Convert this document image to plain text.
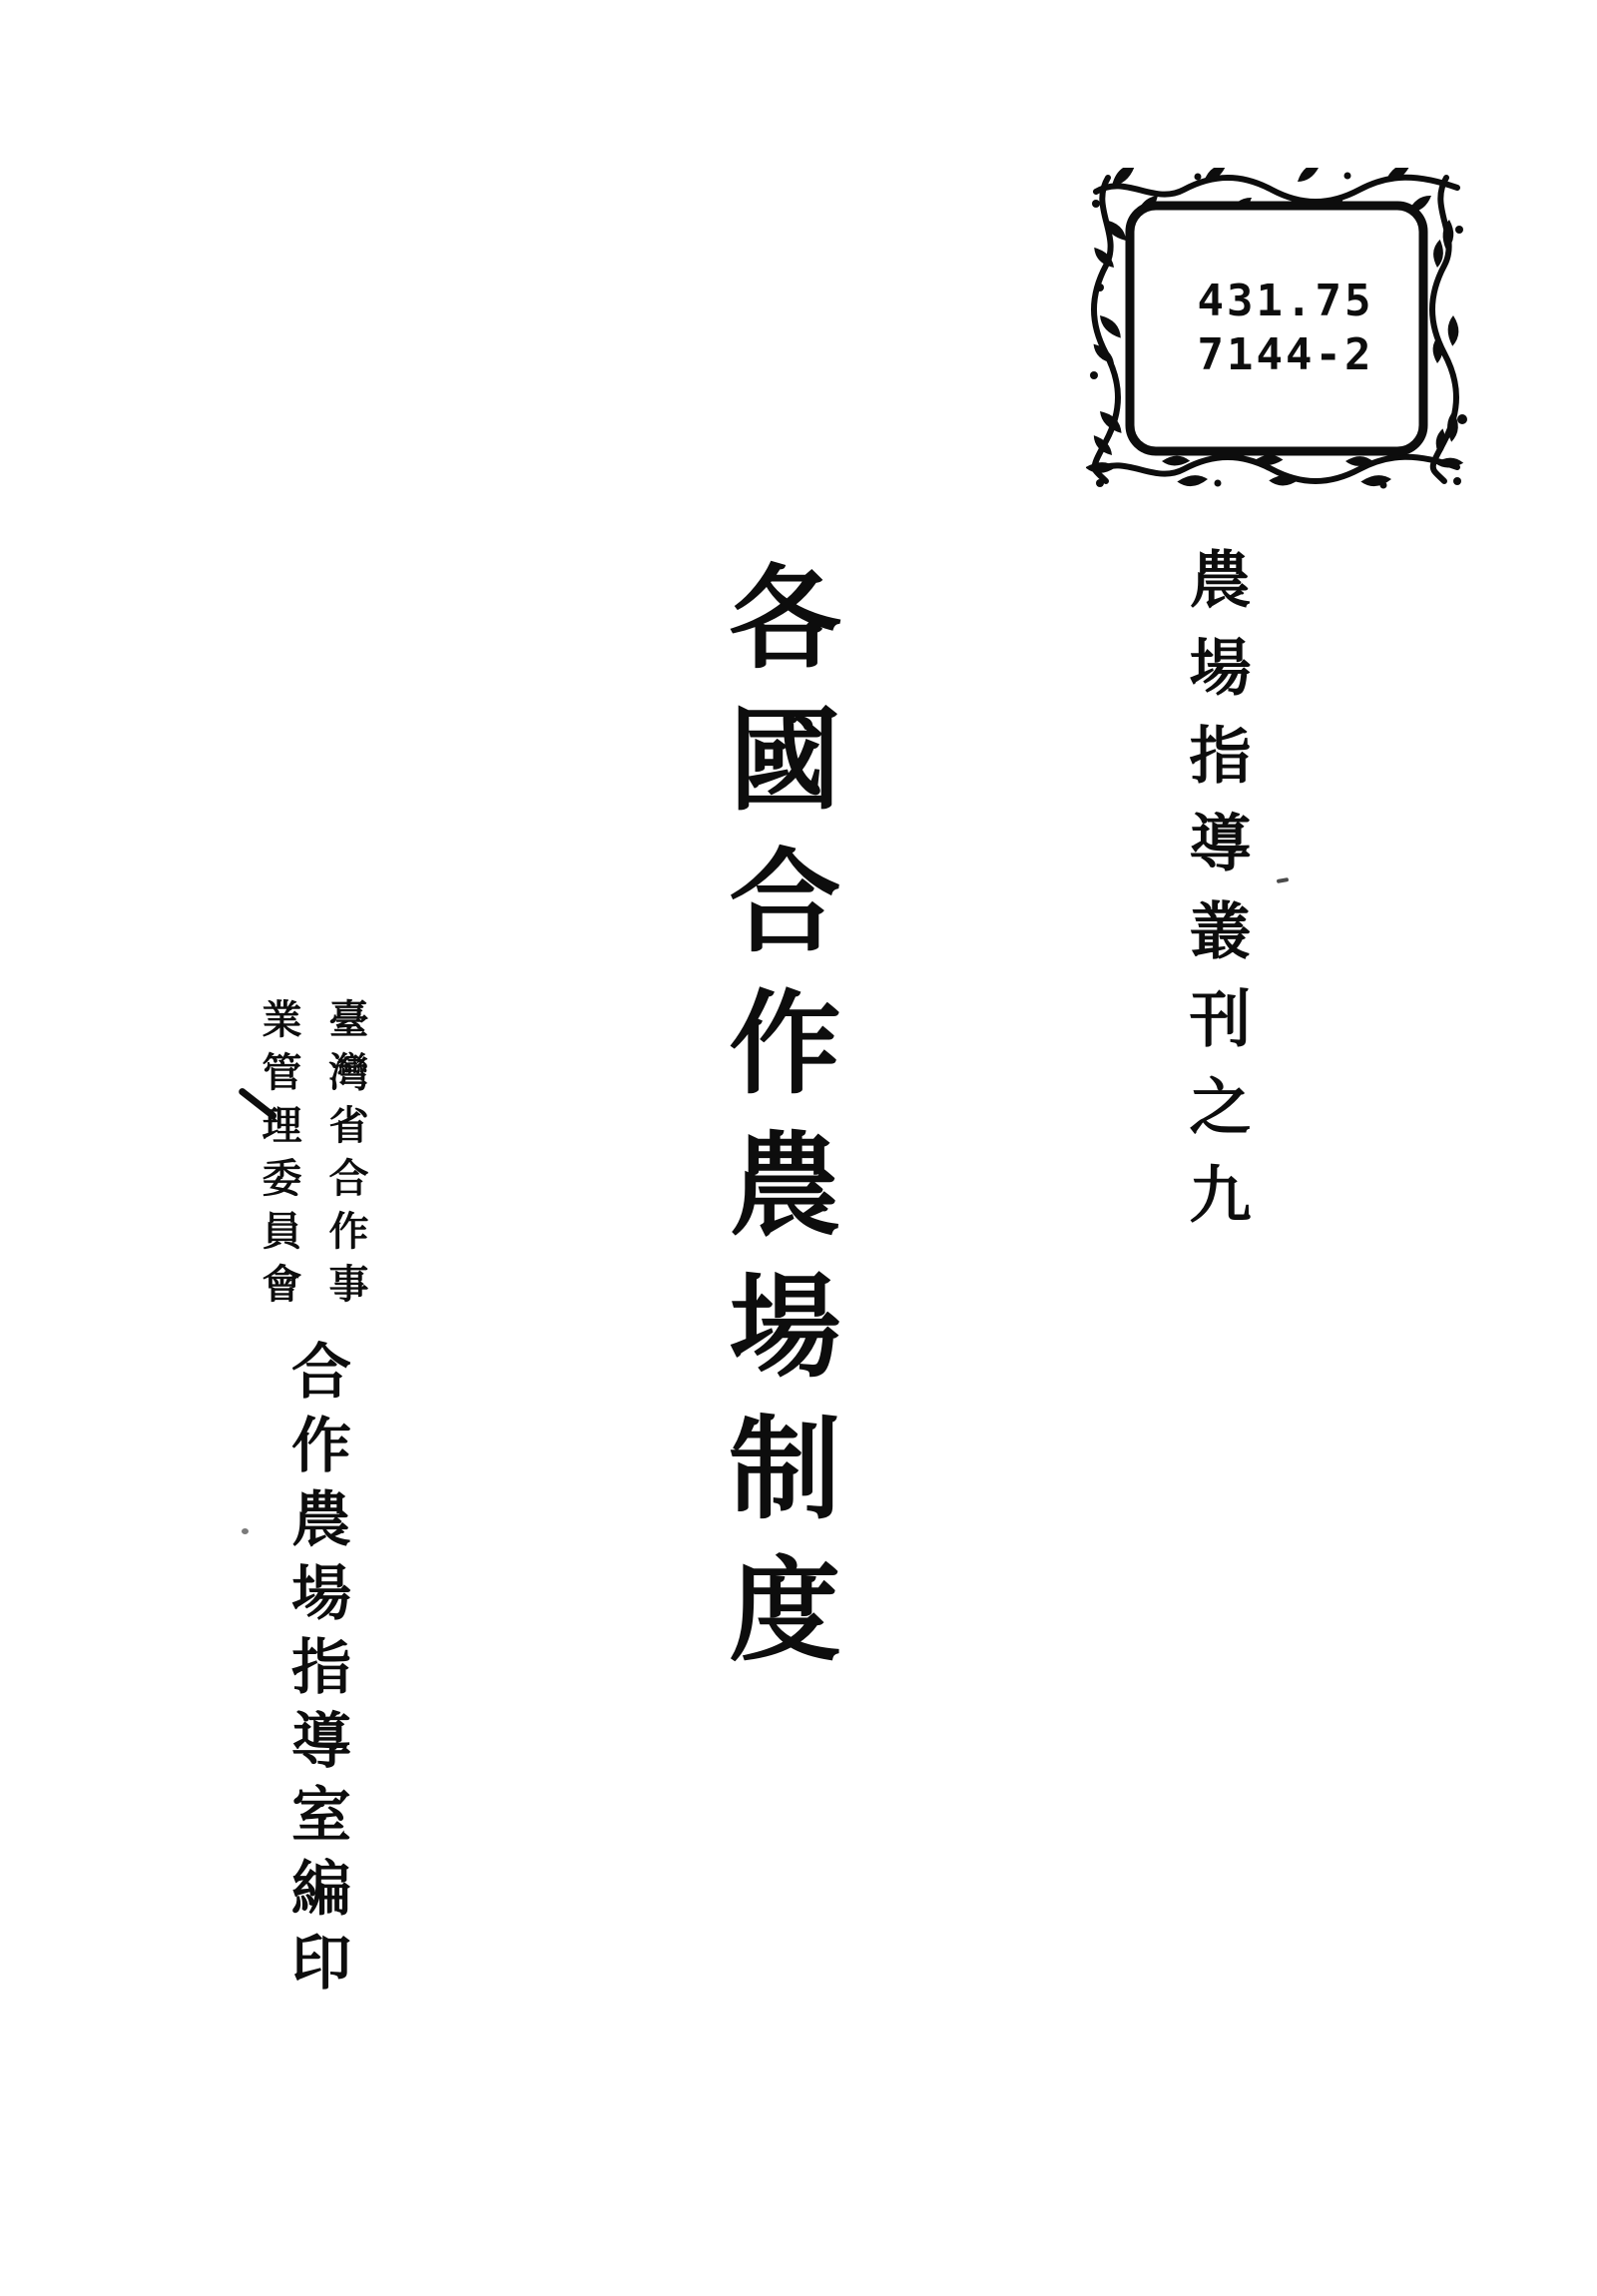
431.75
7144-2
農場指導叢刊之九
各國合作農場制度
臺灣省合作事
業管理委員會
合作農場指導室編印
